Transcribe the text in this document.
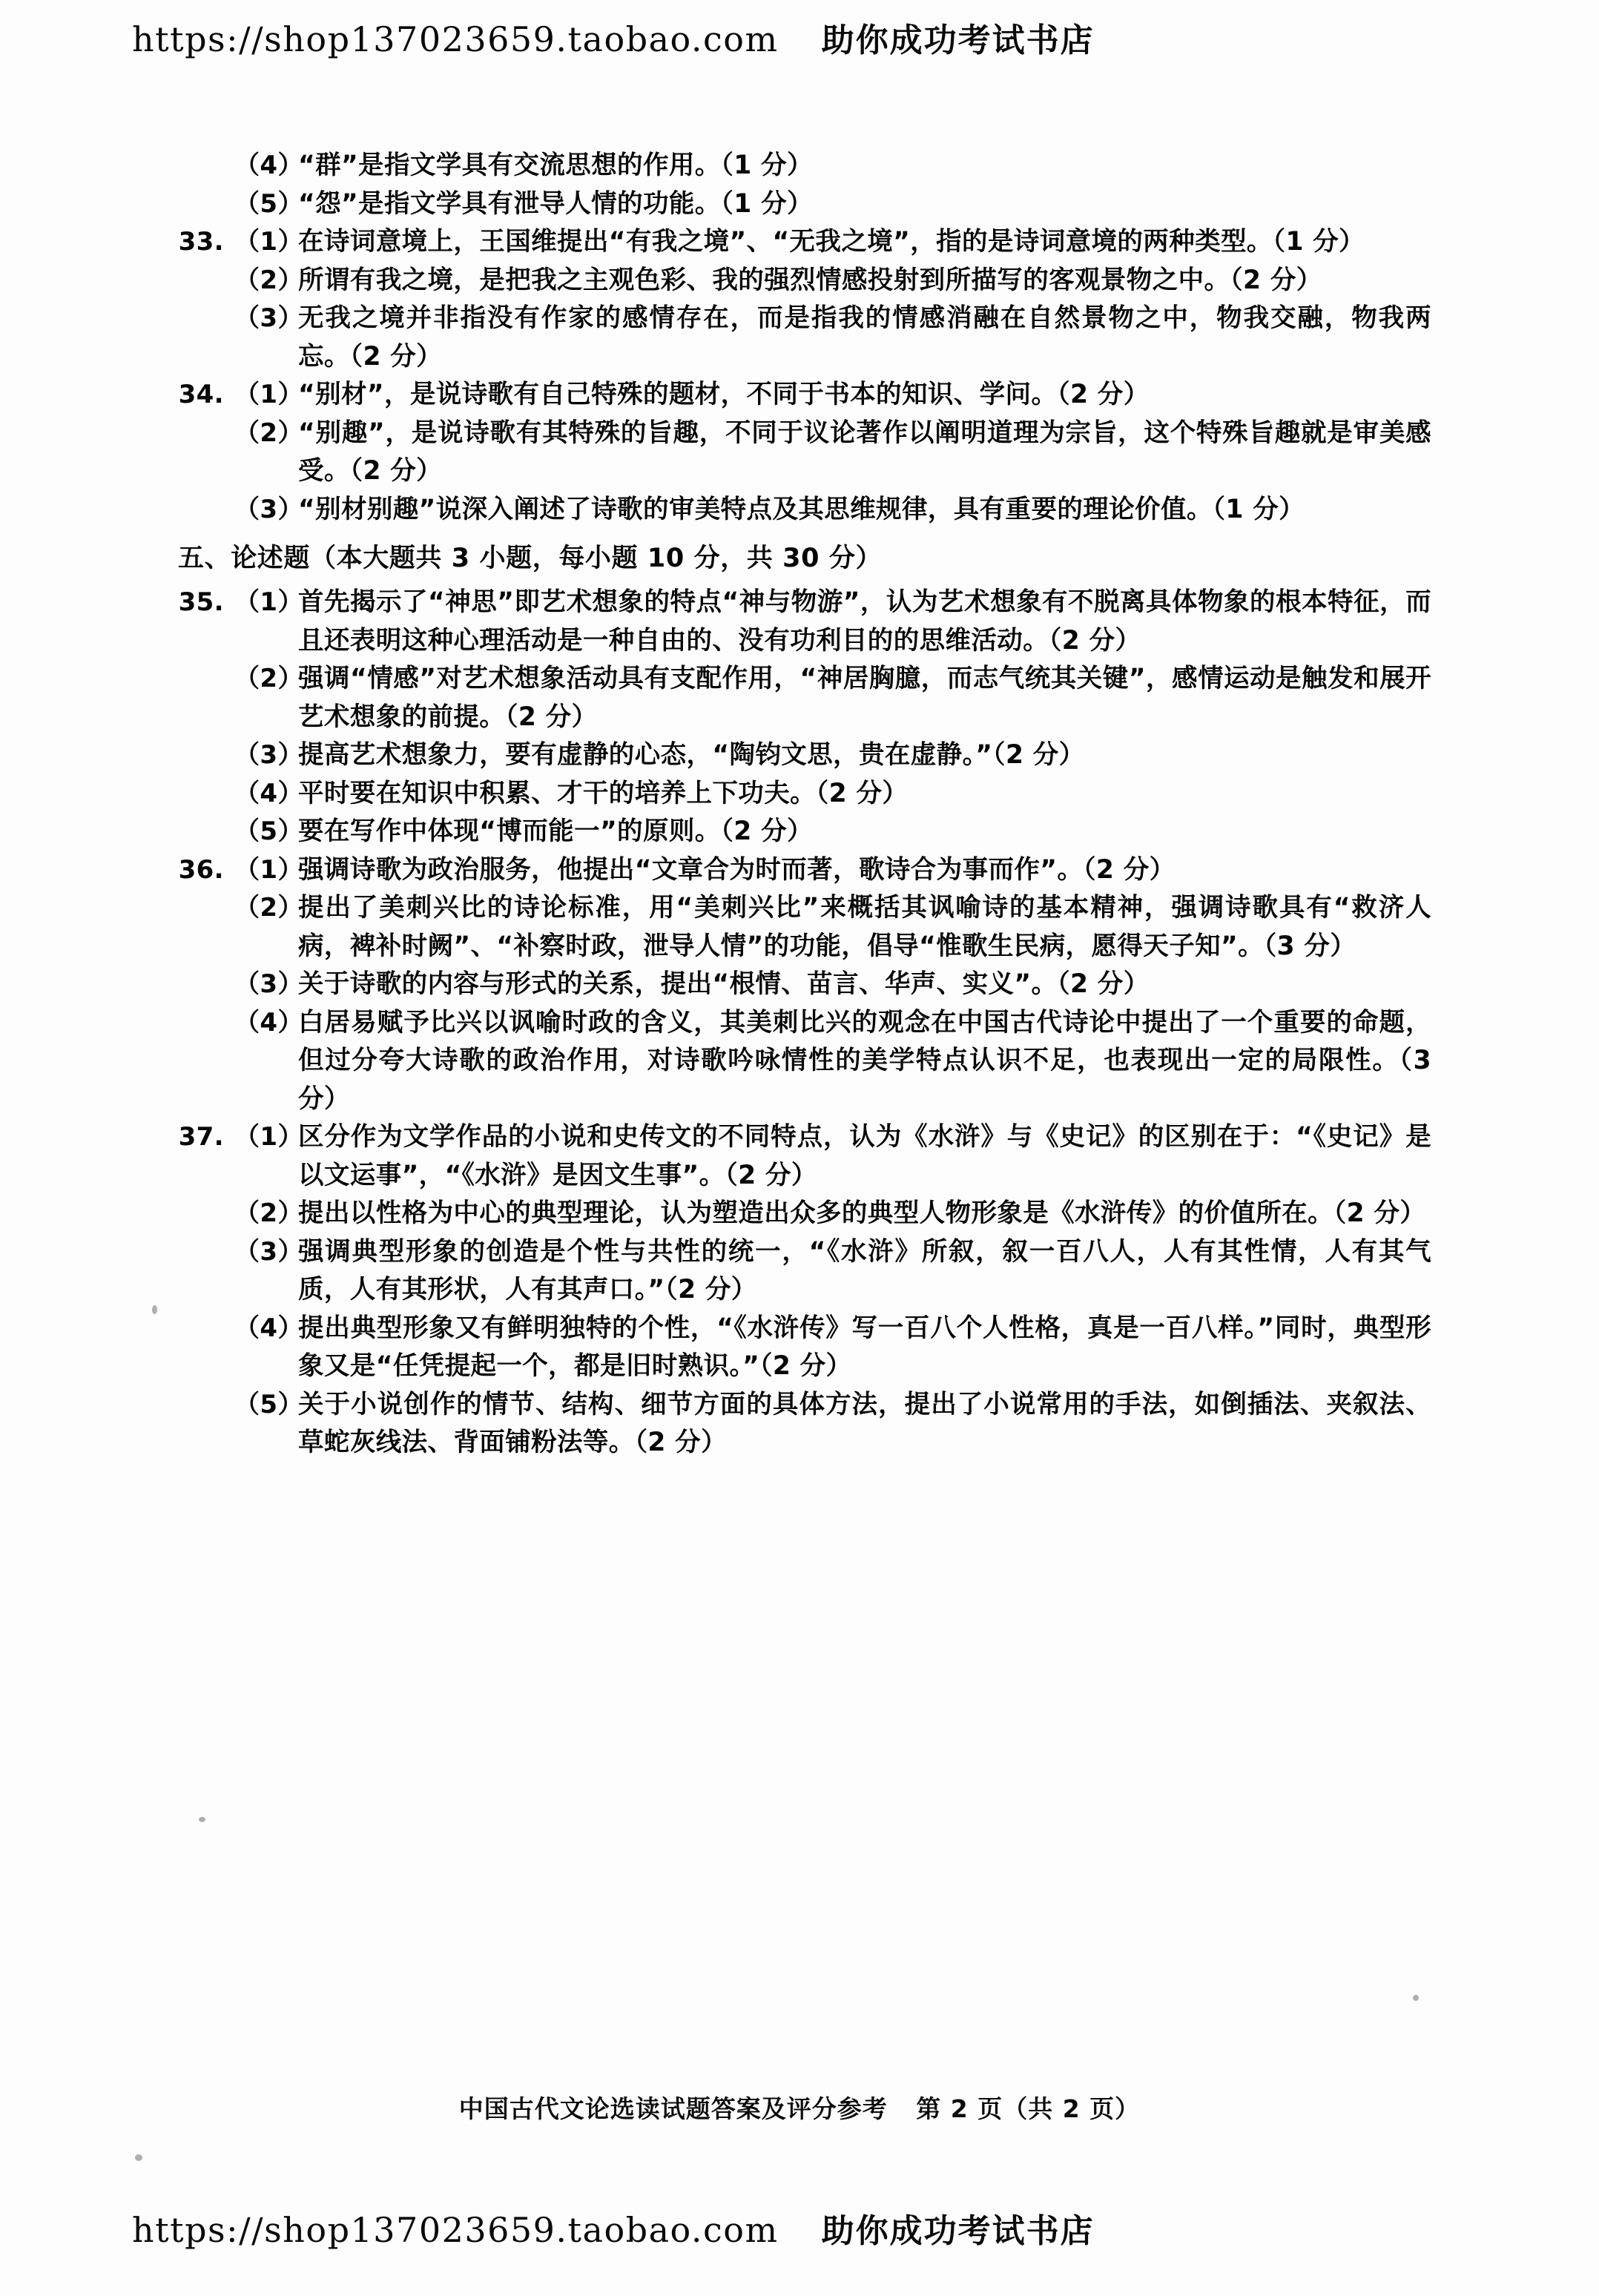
https://shop137023659.taobao.com 助你成功考试书店
（4）
“群”是指文学具有交流思想的作用。（1 分）
（5）
“怨”是指文学具有泄导人情的功能。（1 分）
33. （1）
在诗词意境上，王国维提出“有我之境”、“无我之境”，指的是诗词意境的两种类型。（1 分）
（2）
所谓有我之境，是把我之主观色彩、我的强烈情感投射到所描写的客观景物之中。（2 分）
（3）
无我之境并非指没有作家的感情存在，而是指我的情感消融在自然景物之中，物我交融，物我两忘。（2 分）
34. （1）
“别材”，是说诗歌有自己特殊的题材，不同于书本的知识、学问。（2 分）
（2）
“别趣”，是说诗歌有其特殊的旨趣，不同于议论著作以阐明道理为宗旨，这个特殊旨趣就是审美感受。（2 分）
（3）
“别材别趣”说深入阐述了诗歌的审美特点及其思维规律，具有重要的理论价值。（1 分）
五、论述题（本大题共 3 小题，每小题 10 分，共 30 分）
35. （1）
首先揭示了“神思”即艺术想象的特点“神与物游”，认为艺术想象有不脱离具体物象的根本特征，而且还表明这种心理活动是一种自由的、没有功利目的的思维活动。（2 分）
（2）
强调“情感”对艺术想象活动具有支配作用，“神居胸臆，而志气统其关键”，感情运动是触发和展开艺术想象的前提。（2 分）
（3）
提高艺术想象力，要有虚静的心态，“陶钧文思，贵在虚静。”（2 分）
（4）
平时要在知识中积累、才干的培养上下功夫。（2 分）
（5）
要在写作中体现“博而能一”的原则。（2 分）
36. （1）
强调诗歌为政治服务，他提出“文章合为时而著，歌诗合为事而作”。（2 分）
（2）
提出了美刺兴比的诗论标准，用“美刺兴比”来概括其讽喻诗的基本精神，强调诗歌具有“救济人病，裨补时阙”、“补察时政，泄导人情”的功能，倡导“惟歌生民病，愿得天子知”。（3 分）
（3）
关于诗歌的内容与形式的关系，提出“根情、苗言、华声、实义”。（2 分）
（4）
白居易赋予比兴以讽喻时政的含义，其美刺比兴的观念在中国古代诗论中提出了一个重要的命题，但过分夸大诗歌的政治作用，对诗歌吟咏情性的美学特点认识不足，也表现出一定的局限性。（3 分）
37. （1）
区分作为文学作品的小说和史传文的不同特点，认为《水浒》与《史记》的区别在于：“《史记》是以文运事”，“《水浒》是因文生事”。（2 分）
（2）
提出以性格为中心的典型理论，认为塑造出众多的典型人物形象是《水浒传》的价值所在。（2 分）
（3）
强调典型形象的创造是个性与共性的统一，“《水浒》所叙，叙一百八人，人有其性情，人有其气质，人有其形状，人有其声口。”（2 分）
（4）
提出典型形象又有鲜明独特的个性，“《水浒传》写一百八个人性格，真是一百八样。”同时，典型形象又是“任凭提起一个，都是旧时熟识。”（2 分）
（5）
关于小说创作的情节、结构、细节方面的具体方法，提出了小说常用的手法，如倒插法、夹叙法、草蛇灰线法、背面铺粉法等。（2 分）
中国古代文论选读试题答案及评分参考 第 2 页（共 2 页）
https://shop137023659.taobao.com 助你成功考试书店
